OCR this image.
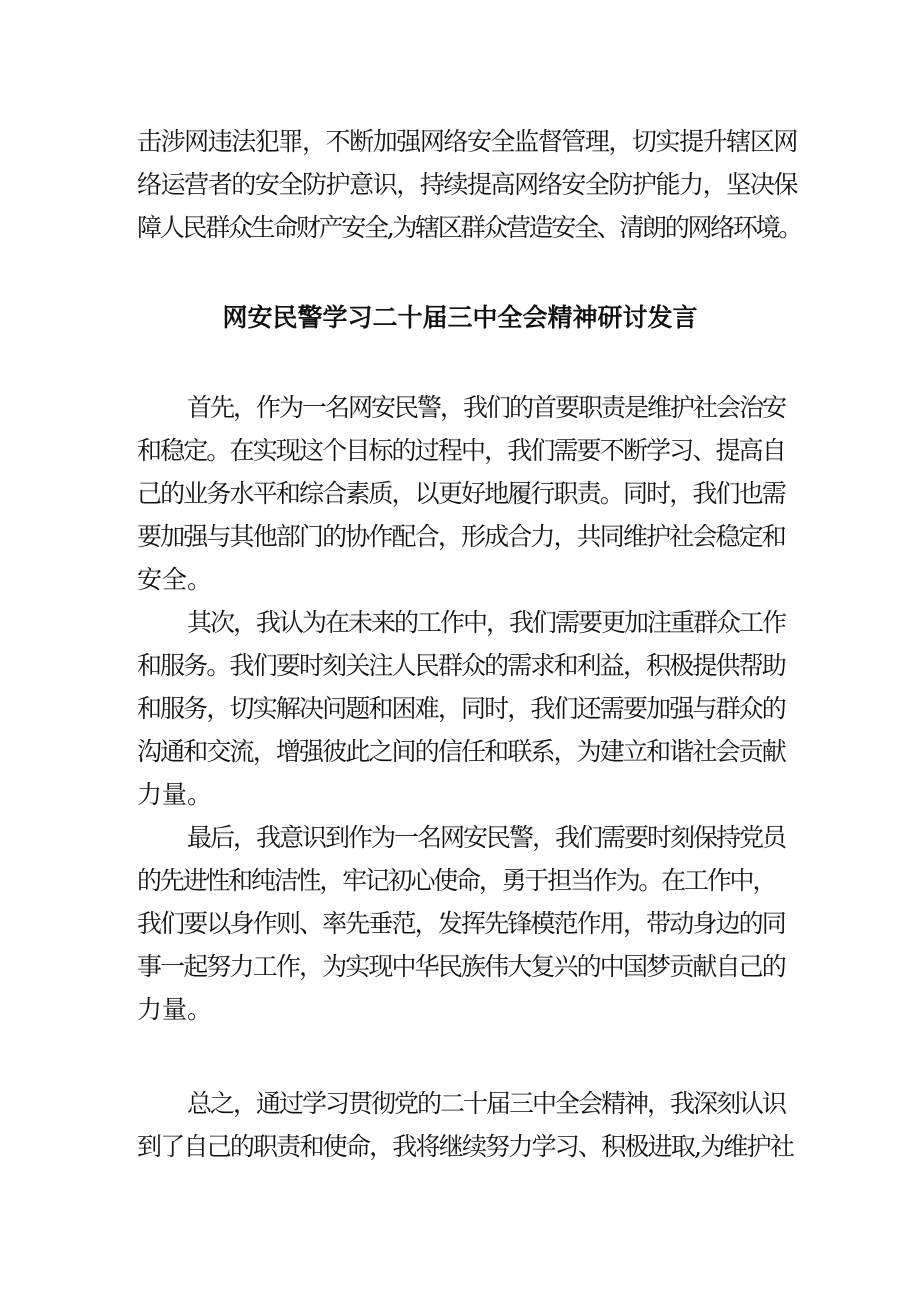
击涉网违法犯罪，不断加强网络安全监督管理，切实提升辖区网
络运营者的安全防护意识，持续提高网络安全防护能力，坚决保
障人民群众生命财产安全,为辖区群众营造安全、清朗的网络环境。
网安民警学习二十届三中全会精神研讨发言
首先，作为一名网安民警，我们的首要职责是维护社会治安
和稳定。在实现这个目标的过程中，我们需要不断学习、提高自
己的业务水平和综合素质，以更好地履行职责。同时，我们也需
要加强与其他部门的协作配合，形成合力，共同维护社会稳定和
安全。
其次，我认为在未来的工作中，我们需要更加注重群众工作
和服务。我们要时刻关注人民群众的需求和利益，积极提供帮助
和服务，切实解决问题和困难，同时，我们还需要加强与群众的
沟通和交流，增强彼此之间的信任和联系，为建立和谐社会贡献
力量。
最后，我意识到作为一名网安民警，我们需要时刻保持党员
的先进性和纯洁性，牢记初心使命，勇于担当作为。在工作中，
我们要以身作则、率先垂范，发挥先锋模范作用，带动身边的同
事一起努力工作，为实现中华民族伟大复兴的中国梦贡献自己的
力量。
总之，通过学习贯彻党的二十届三中全会精神，我深刻认识
到了自己的职责和使命，我将继续努力学习、积极进取,为维护社
